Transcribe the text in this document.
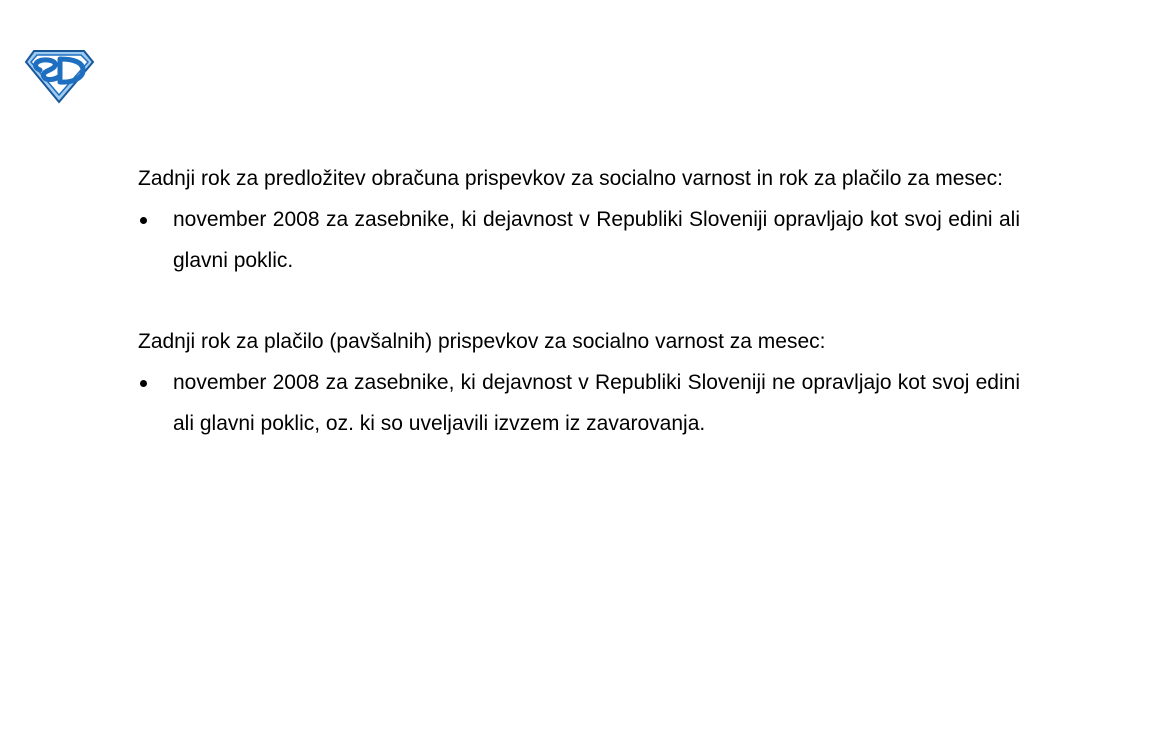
SD

Zadnji rok za predložitev obračuna prispevkov za socialno varnost in rok za plačilo za mesec:

november 2008 za zasebnike, ki dejavnost v Republiki Sloveniji opravljajo kot svoj edini ali glavni poklic.

Zadnji rok za plačilo (pavšalnih) prispevkov za socialno varnost za mesec:

november 2008 za zasebnike, ki dejavnost v Republiki Sloveniji ne opravljajo kot svoj edini ali glavni poklic, oz. ki so uveljavili izvzem iz zavarovanja.
